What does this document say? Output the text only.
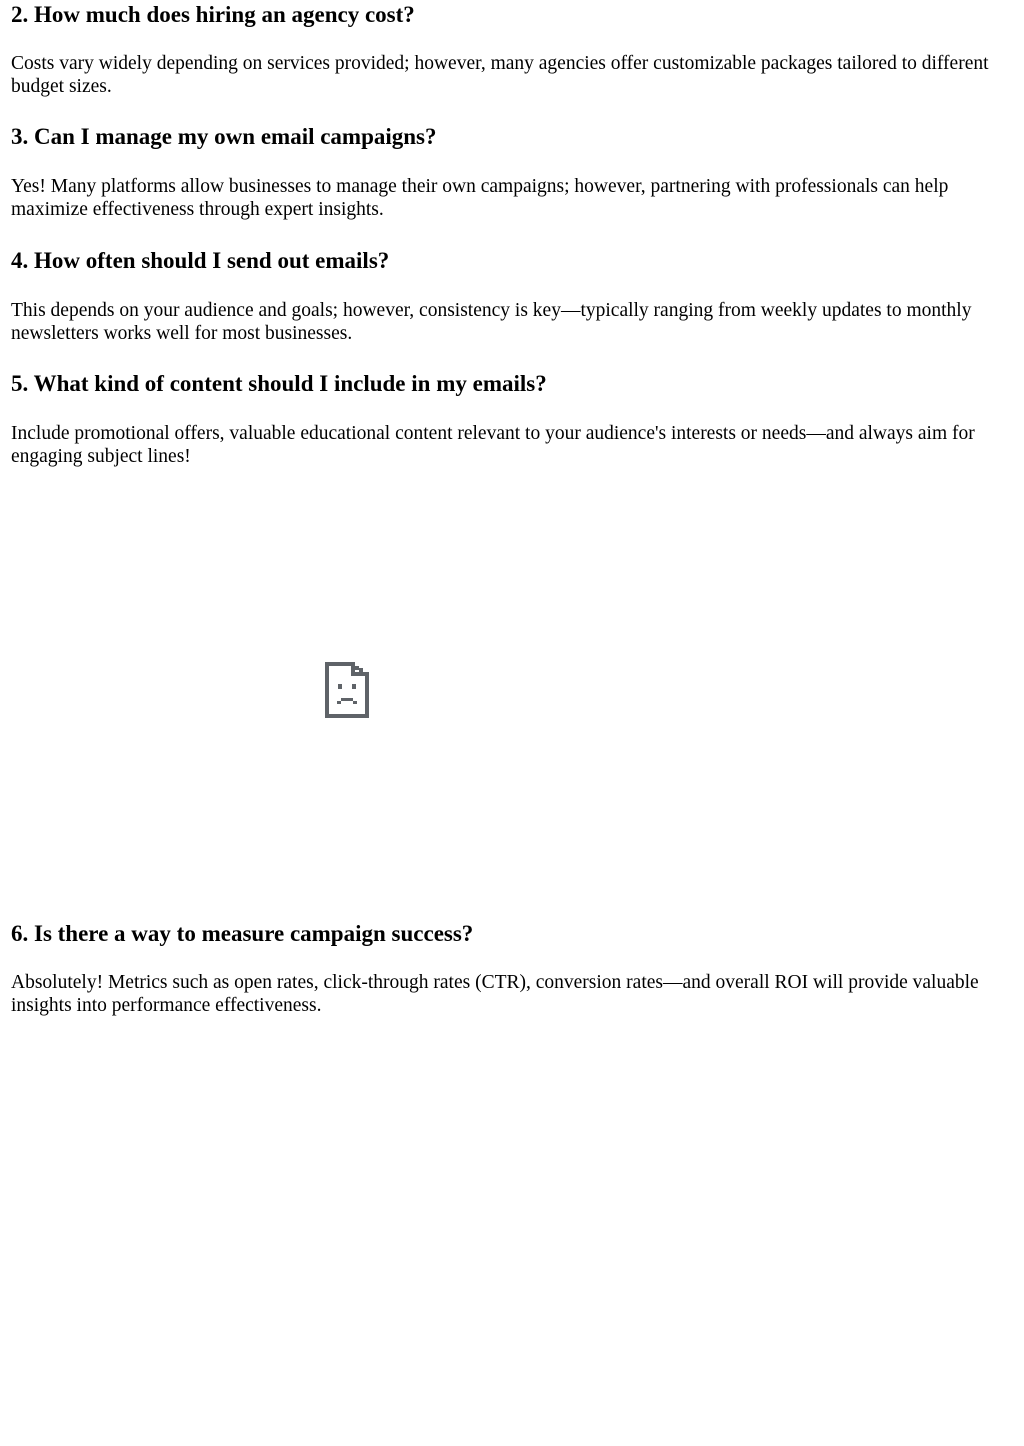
2. How much does hiring an agency cost?

Costs vary widely depending on services provided; however, many agencies offer customizable packages tailored to different budget sizes.

3. Can I manage my own email campaigns?

Yes! Many platforms allow businesses to manage their own campaigns; however, partnering with professionals can help maximize effectiveness through expert insights.

4. How often should I send out emails?

This depends on your audience and goals; however, consistency is key—typically ranging from weekly updates to monthly newsletters works well for most businesses.

5. What kind of content should I include in my emails?

Include promotional offers, valuable educational content relevant to your audience's interests or needs—and always aim for engaging subject lines!

6. Is there a way to measure campaign success?

Absolutely! Metrics such as open rates, click-through rates (CTR), conversion rates—and overall ROI will provide valuable insights into performance effectiveness.
